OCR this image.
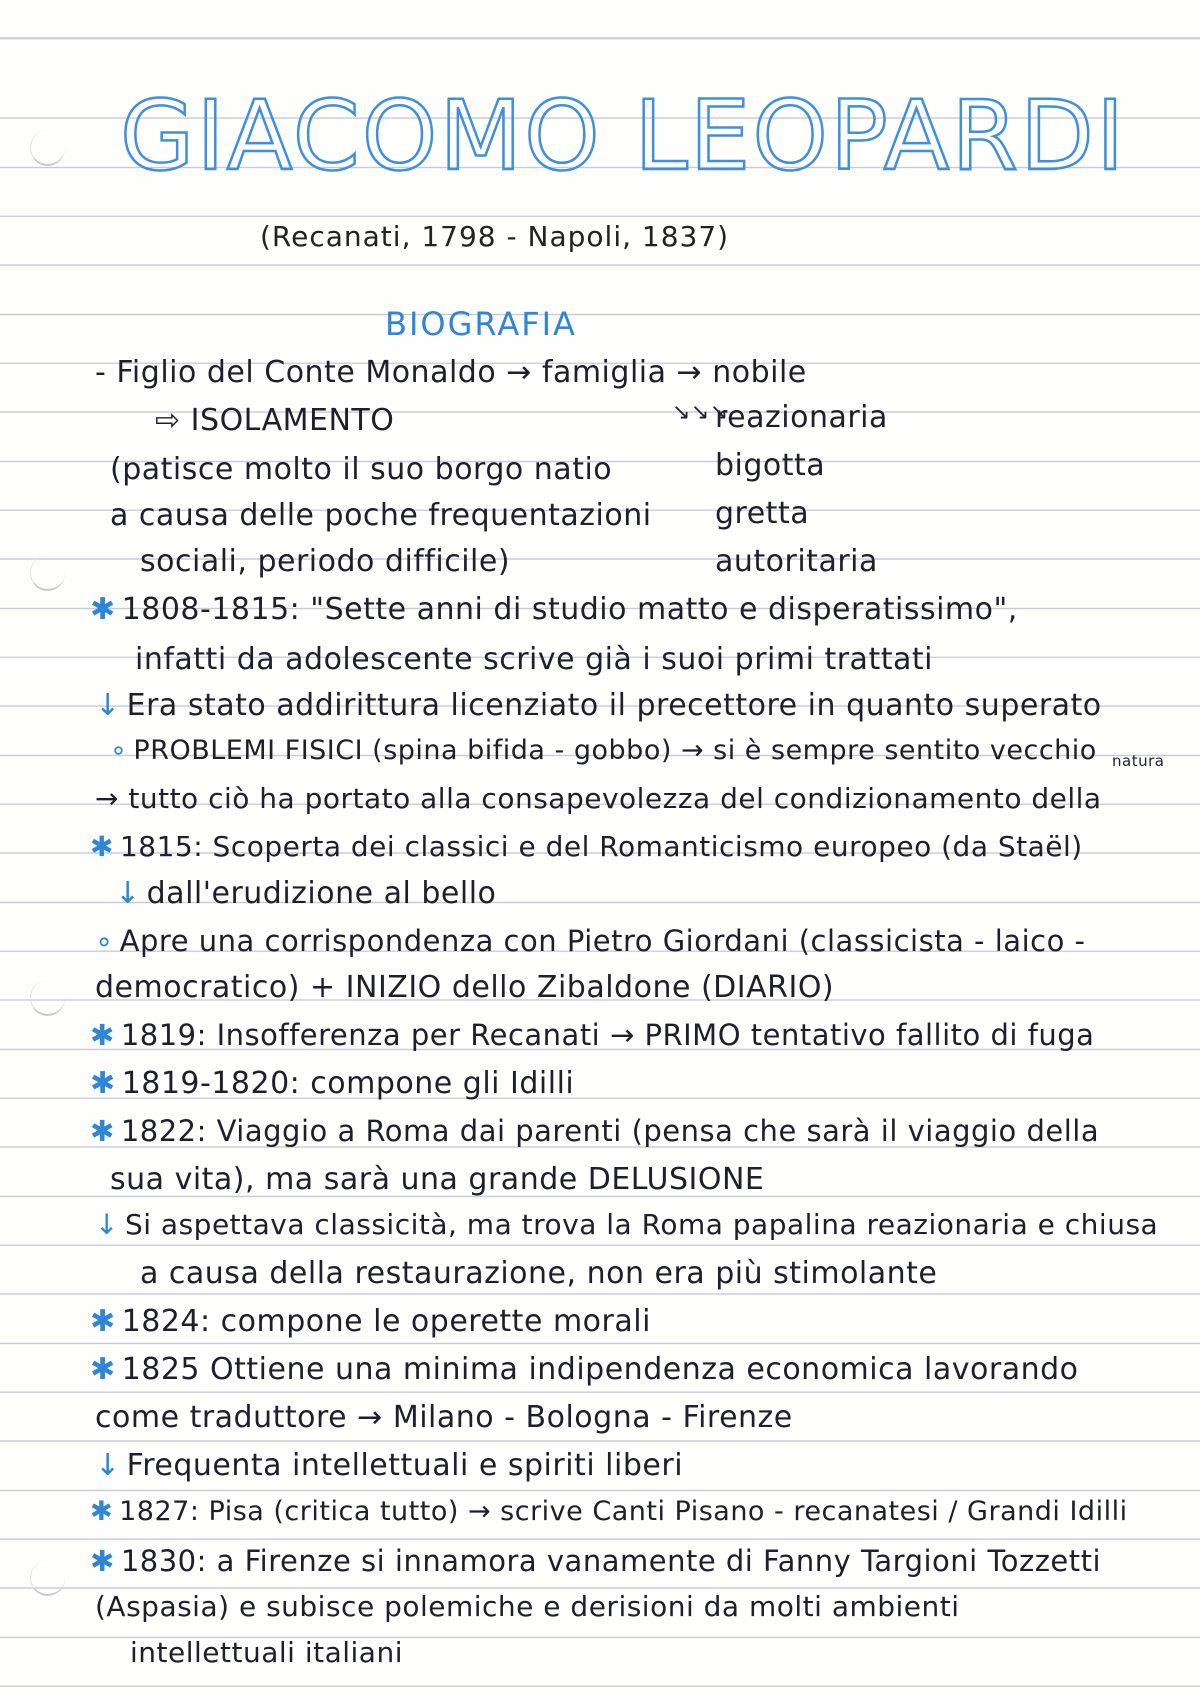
GIACOMO LEOPARDI
(Recanati, 1798 - Napoli, 1837)
BIOGRAFIA
- Figlio del Conte Monaldo → famiglia → nobile
⇨ ISOLAMENTO	↘↘↘
reazionaria
(patisce molto il suo borgo natio	bigotta
a causa delle poche frequentazioni gretta
sociali, periodo difficile)	autoritaria
✱ 1808-1815: "Sette anni di studio matto e disperatissimo",
infatti da adolescente scrive già i suoi primi trattati
↓ Era stato addirittura licenziato il precettore in quanto superato
∘ PROBLEMI FISICI (spina bifida - gobbo) → si è sempre sentito vecchio
→ tutto ciò ha portato alla consapevolezza del condizionamento della
natura
✱ 1815: Scoperta dei classici e del Romanticismo europeo (da Staël)
↓ dall'erudizione al bello
∘ Apre una corrispondenza con Pietro Giordani (classicista - laico -
democratico) + INIZIO dello Zibaldone (DIARIO)
✱ 1819: Insofferenza per Recanati → PRIMO tentativo fallito di fuga
✱ 1819-1820: compone gli Idilli
✱ 1822: Viaggio a Roma dai parenti (pensa che sarà il viaggio della
sua vita), ma sarà una grande DELUSIONE
↓ Si aspettava classicità, ma trova la Roma papalina reazionaria e chiusa
a causa della restaurazione, non era più stimolante
✱ 1824: compone le operette morali
✱ 1825 Ottiene una minima indipendenza economica lavorando
come traduttore → Milano - Bologna - Firenze
↓ Frequenta intellettuali e spiriti liberi
✱ 1827: Pisa (critica tutto) → scrive Canti Pisano - recanatesi / Grandi Idilli
✱ 1830: a Firenze si innamora vanamente di Fanny Targioni Tozzetti
(Aspasia) e subisce polemiche e derisioni da molti ambienti
intellettuali italiani
